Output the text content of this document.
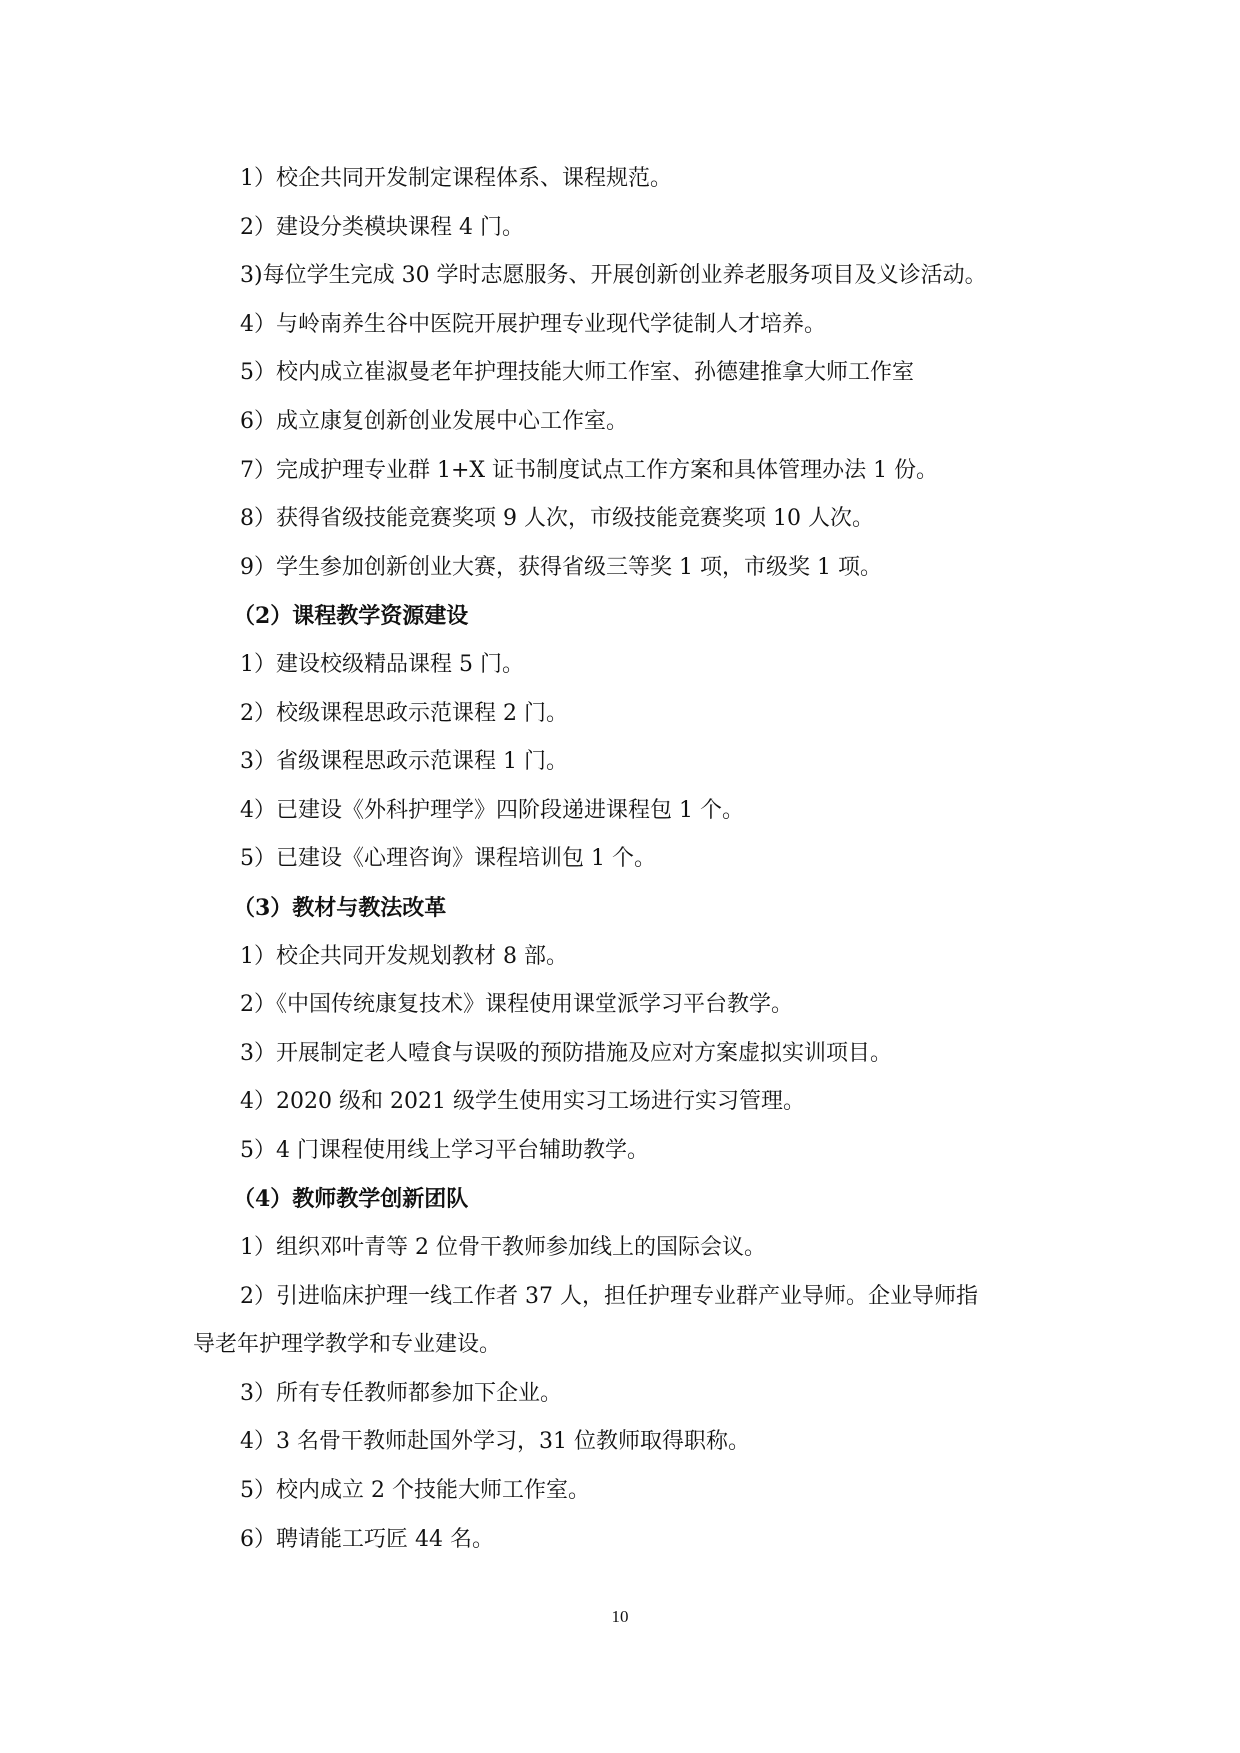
1）校企共同开发制定课程体系、课程规范。
2）建设分类模块课程 4 门。
3)每位学生完成 30 学时志愿服务、开展创新创业养老服务项目及义诊活动。
4）与岭南养生谷中医院开展护理专业现代学徒制人才培养。
5）校内成立崔淑曼老年护理技能大师工作室、孙德建推拿大师工作室
6）成立康复创新创业发展中心工作室。
7）完成护理专业群 1+X 证书制度试点工作方案和具体管理办法 1 份。
8）获得省级技能竞赛奖项 9 人次，市级技能竞赛奖项 10 人次。
9）学生参加创新创业大赛，获得省级三等奖 1 项，市级奖 1 项。
（2）课程教学资源建设
1）建设校级精品课程 5 门。
2）校级课程思政示范课程 2 门。
3）省级课程思政示范课程 1 门。
4）已建设《外科护理学》四阶段递进课程包 1 个。
5）已建设《心理咨询》课程培训包 1 个。
（3）教材与教法改革
1）校企共同开发规划教材 8 部。
2）《中国传统康复技术》课程使用课堂派学习平台教学。
3）开展制定老人噎食与误吸的预防措施及应对方案虚拟实训项目。
4）2020 级和 2021 级学生使用实习工场进行实习管理。
5）4 门课程使用线上学习平台辅助教学。
（4）教师教学创新团队
1）组织邓叶青等 2 位骨干教师参加线上的国际会议。
2）引进临床护理一线工作者 37 人，担任护理专业群产业导师。企业导师指
导老年护理学教学和专业建设。
3）所有专任教师都参加下企业。
4）3 名骨干教师赴国外学习，31 位教师取得职称。
5）校内成立 2 个技能大师工作室。
6）聘请能工巧匠 44 名。
10
